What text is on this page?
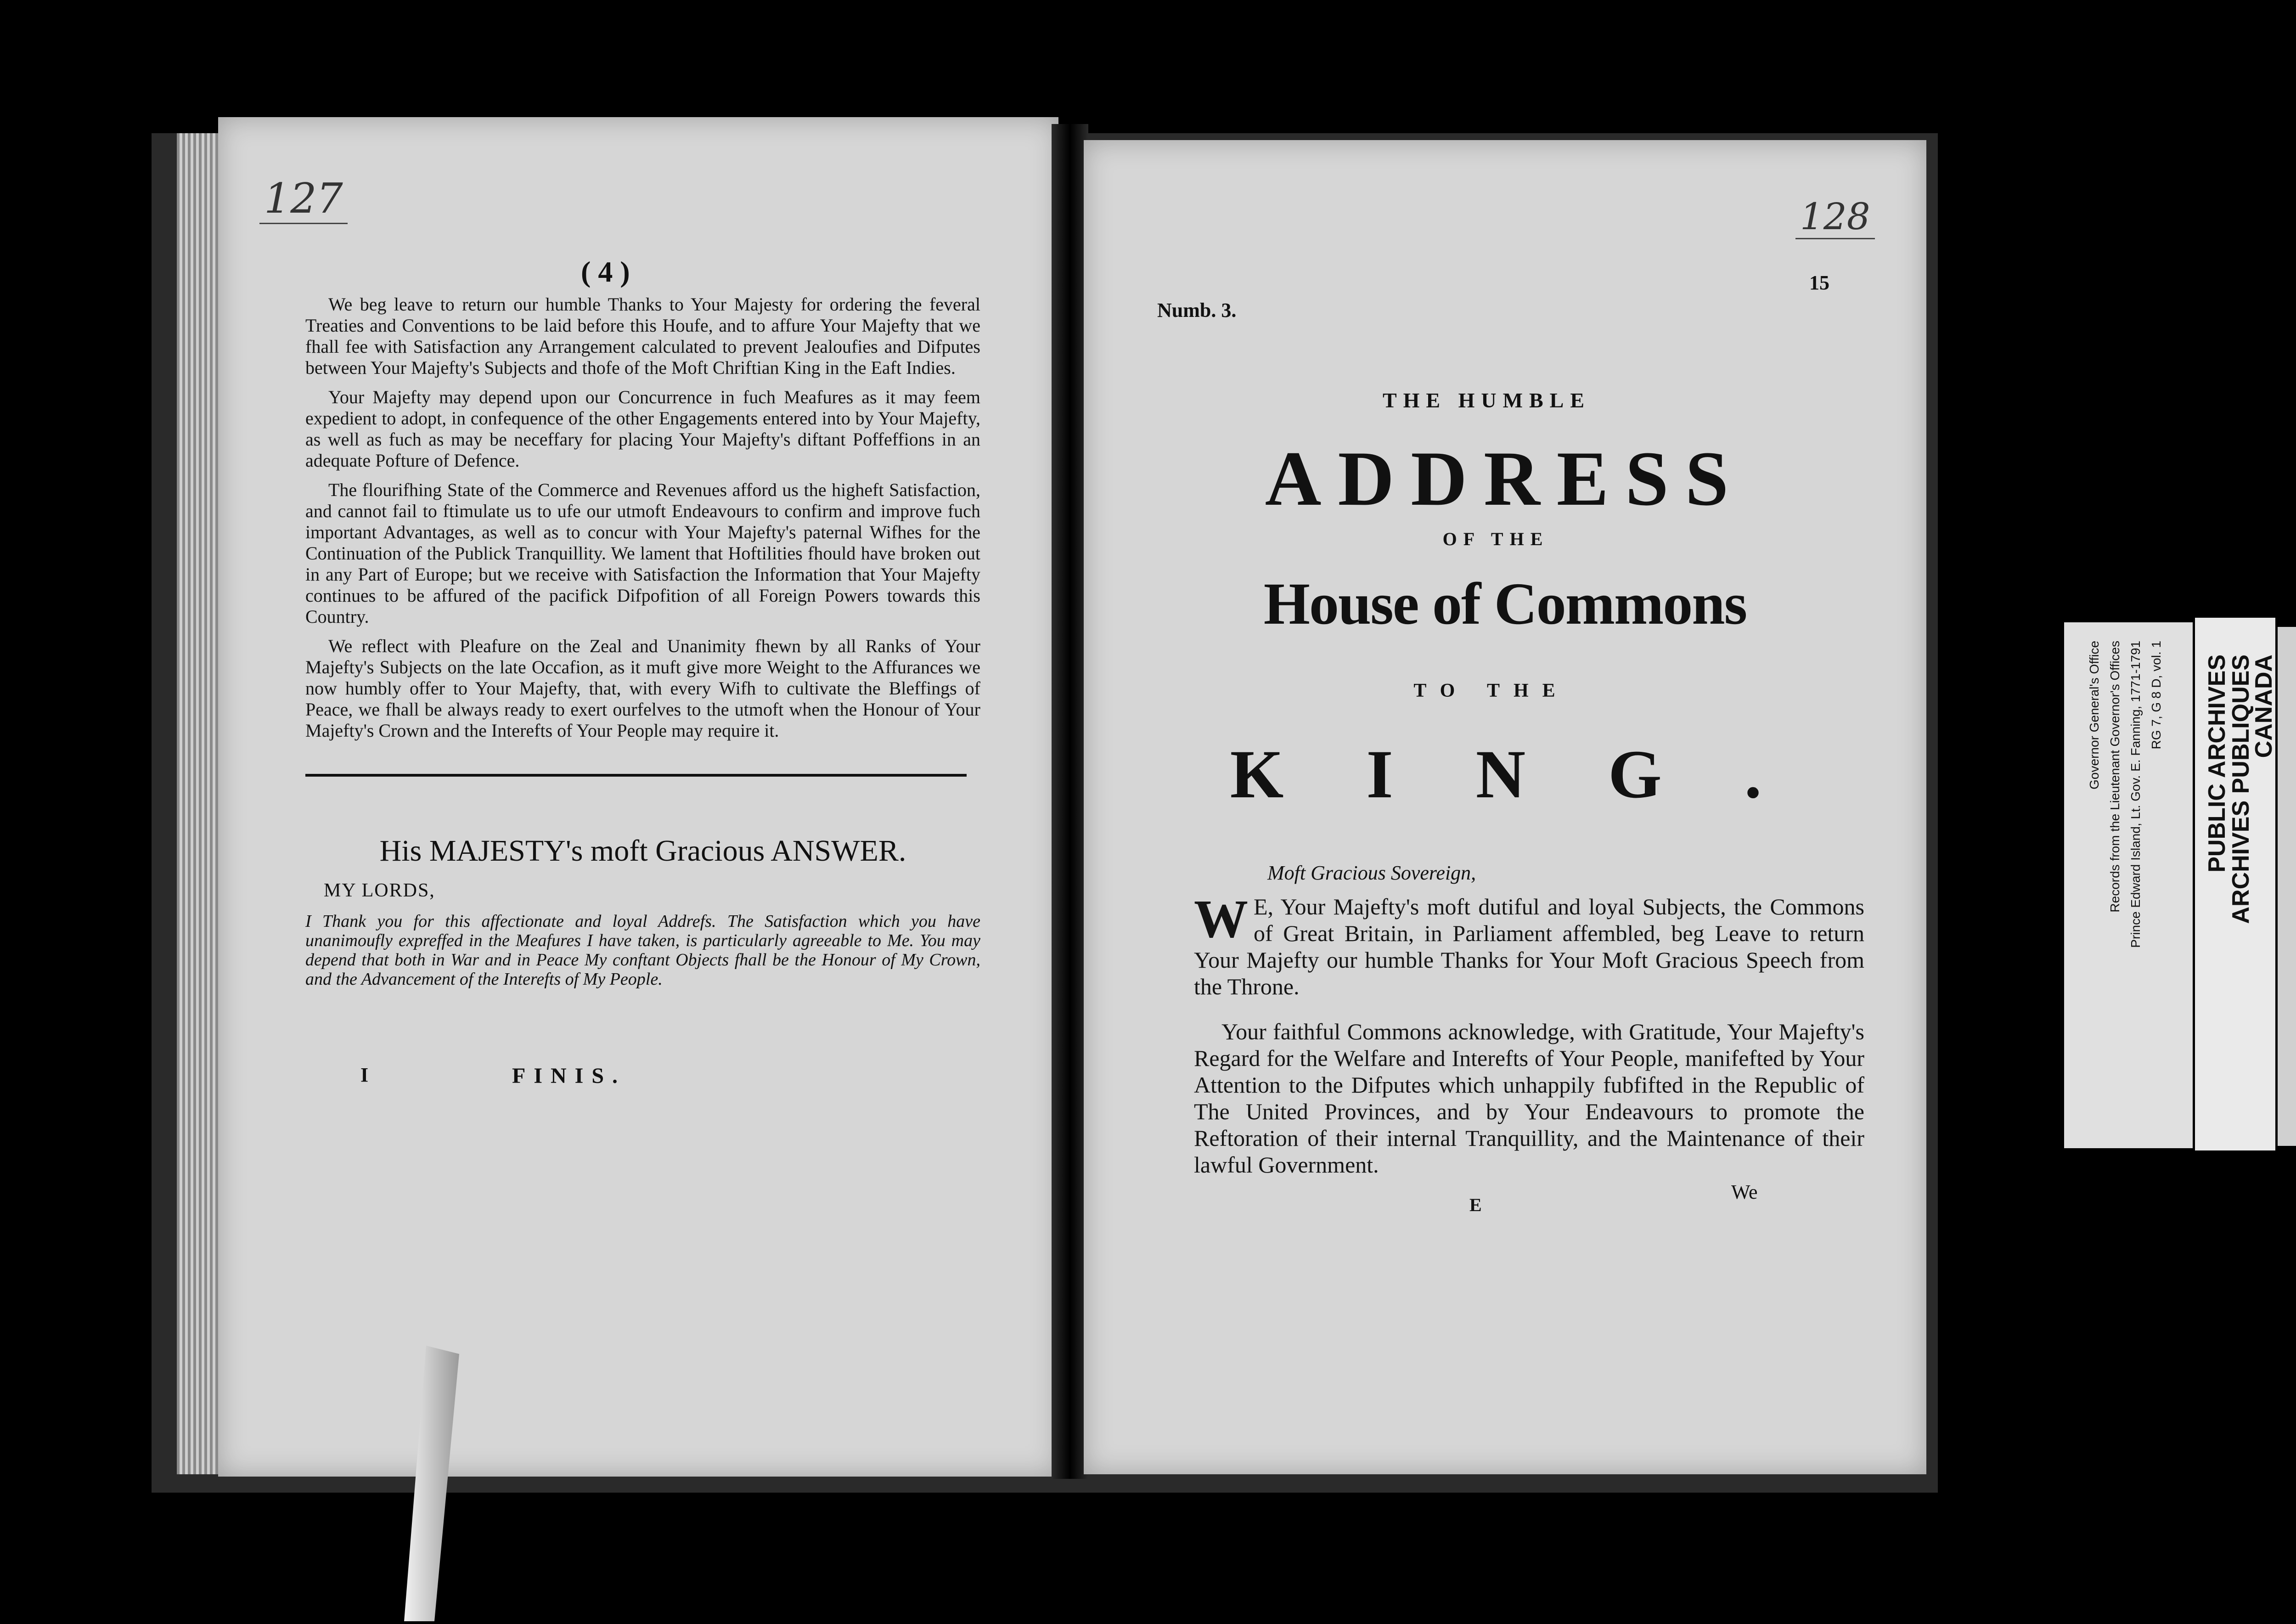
127
( 4 )

We beg leave to return our humble Thanks to Your Majesty for ordering the feveral Treaties and Conventions to be laid before this Houfe, and to affure Your Majefty that we fhall fee with Satisfaction any Arrangement calculated to prevent Jealoufies and Difputes between Your Majefty's Subjects and thofe of the Moft Chriftian King in the Eaft Indies.

Your Majefty may depend upon our Concurrence in fuch Meafures as it may feem expedient to adopt, in confequence of the other Engagements entered into by Your Majefty, as well as fuch as may be neceffary for placing Your Majefty's diftant Poffeffions in an adequate Pofture of Defence.

The flourifhing State of the Commerce and Revenues afford us the higheft Satisfaction, and cannot fail to ftimulate us to ufe our utmoft Endeavours to confirm and improve fuch important Advantages, as well as to concur with Your Majefty's paternal Wifhes for the Continuation of the Publick Tranquillity. We lament that Hoftilities fhould have broken out in any Part of Europe; but we receive with Satisfaction the Information that Your Majefty continues to be affured of the pacifick Difpofition of all Foreign Powers towards this Country.

We reflect with Pleafure on the Zeal and Unanimity fhewn by all Ranks of Your Majefty's Subjects on the late Occafion, as it muft give more Weight to the Affurances we now humbly offer to Your Majefty, that, with every Wifh to cultivate the Bleffings of Peace, we fhall be always ready to exert ourfelves to the utmoft when the Honour of Your Majefty's Crown and the Interefts of Your People may require it.

His MAJESTY's moft Gracious ANSWER.
MY LORDS,
I Thank you for this affectionate and loyal Addrefs. The Satisfaction which you have unanimoufly expreffed in the Meafures I have taken, is particularly agreeable to Me. You may depend that both in War and in Peace My conftant Objects fhall be the Honour of My Crown, and the Advancement of the Interefts of My People.
I	FINIS.
128
15
Numb. 3.
THE HUMBLE
ADDRESS
OF THE
House of Commons
TO THE
KING.
Moft Gracious Sovereign,

W E, Your Majefty's moft dutiful and loyal Subjects, the Commons of Great Britain, in Parliament affembled, beg Leave to return Your Majefty our humble Thanks for Your Moft Gracious Speech from the Throne.

Your faithful Commons acknowledge, with Gratitude, Your Majefty's Regard for the Welfare and Interefts of Your People, manifefted by Your Attention to the Difputes which unhappily fubfifted in the Republic of The United Provinces, and by Your Endeavours to promote the Reftoration of their internal Tranquillity, and the Maintenance of their lawful Government.

E
We
Governor General's Office Records from the Lieutenant Governor's Offices Prince Edward Island, Lt. Gov. E. Fanning, 1771-1791 RG 7, G 8 D, vol. 1 PUBLIC ARCHIVES
ARCHIVES PUBLIQUES
CANADA
